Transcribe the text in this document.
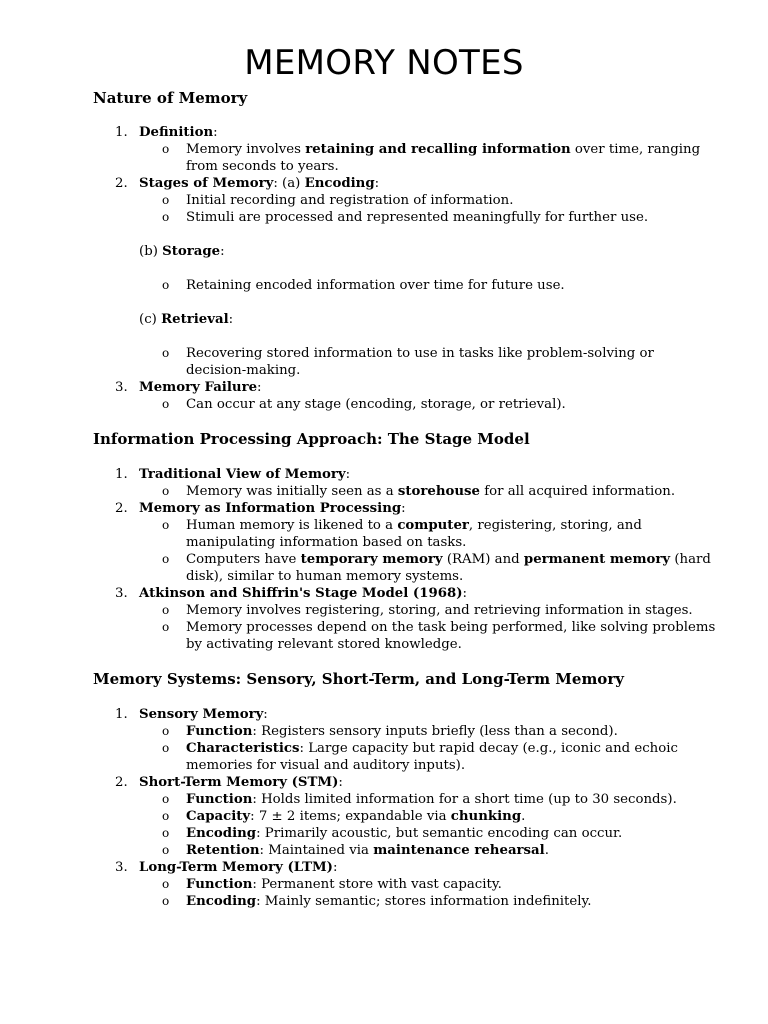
MEMORY NOTES
Nature of Memory
1. Definition:
o Memory involves retaining and recalling information over time, ranging
from seconds to years.
2. Stages of Memory: (a) Encoding:
o Initial recording and registration of information.
o Stimuli are processed and represented meaningfully for further use.
(b) Storage:
o Retaining encoded information over time for future use.
(c) Retrieval:
o Recovering stored information to use in tasks like problem-solving or
decision-making.
3. Memory Failure:
o Can occur at any stage (encoding, storage, or retrieval).
Information Processing Approach: The Stage Model
1. Traditional View of Memory:
o Memory was initially seen as a storehouse for all acquired information.
2. Memory as Information Processing:
o Human memory is likened to a computer, registering, storing, and
manipulating information based on tasks.
o Computers have temporary memory (RAM) and permanent memory (hard
disk), similar to human memory systems.
3. Atkinson and Shiffrin's Stage Model (1968):
o Memory involves registering, storing, and retrieving information in stages.
o Memory processes depend on the task being performed, like solving problems
by activating relevant stored knowledge.
Memory Systems: Sensory, Short-Term, and Long-Term Memory
1. Sensory Memory:
o Function: Registers sensory inputs briefly (less than a second).
o Characteristics: Large capacity but rapid decay (e.g., iconic and echoic
memories for visual and auditory inputs).
2. Short-Term Memory (STM):
o Function: Holds limited information for a short time (up to 30 seconds).
o Capacity: 7 ± 2 items; expandable via chunking.
o Encoding: Primarily acoustic, but semantic encoding can occur.
o Retention: Maintained via maintenance rehearsal.
3. Long-Term Memory (LTM):
o Function: Permanent store with vast capacity.
o Encoding: Mainly semantic; stores information indefinitely.
